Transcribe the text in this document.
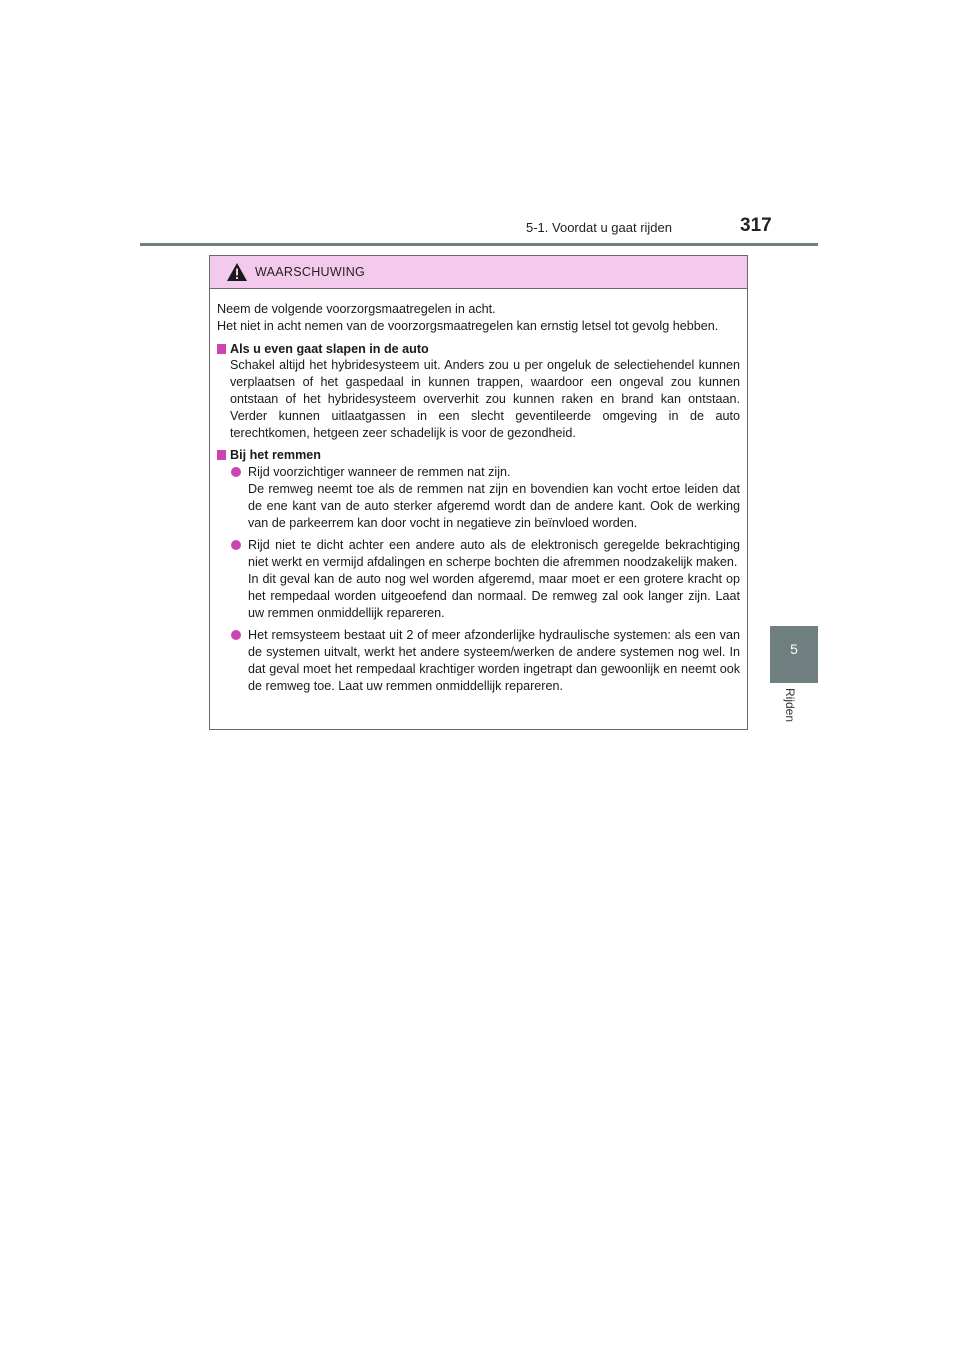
5-1. Voordat u gaat rijden	317
5
Rijden
WAARSCHUWING

Neem de volgende voorzorgsmaatregelen in acht.
Het niet in acht nemen van de voorzorgsmaatregelen kan ernstig letsel tot gevolg hebben.

Als u even gaat slapen in de auto

Schakel altijd het hybridesysteem uit. Anders zou u per ongeluk de selectiehendel kunnen verplaatsen of het gaspedaal in kunnen trappen, waardoor een ongeval zou kunnen ontstaan of het hybridesysteem oververhit zou kunnen raken en brand kan ontstaan. Verder kunnen uitlaatgassen in een slecht geventileerde omgeving in de auto terechtkomen, hetgeen zeer schadelijk is voor de gezondheid.

Bij het remmen

Rijd voorzichtiger wanneer de remmen nat zijn.
De remweg neemt toe als de remmen nat zijn en bovendien kan vocht ertoe leiden dat de ene kant van de auto sterker afgeremd wordt dan de andere kant. Ook de werking van de parkeerrem kan door vocht in negatieve zin beïnvloed worden.
Rijd niet te dicht achter een andere auto als de elektronisch geregelde bekrachtiging niet werkt en vermijd afdalingen en scherpe bochten die afremmen noodzakelijk maken.
In dit geval kan de auto nog wel worden afgeremd, maar moet er een grotere kracht op het rempedaal worden uitgeoefend dan normaal. De remweg zal ook langer zijn. Laat uw remmen onmiddellijk repareren.
Het remsysteem bestaat uit 2 of meer afzonderlijke hydraulische systemen: als een van de systemen uitvalt, werkt het andere systeem/werken de andere systemen nog wel. In dat geval moet het rempedaal krachtiger worden ingetrapt dan gewoonlijk en neemt ook de remweg toe. Laat uw remmen onmiddellijk repareren.
